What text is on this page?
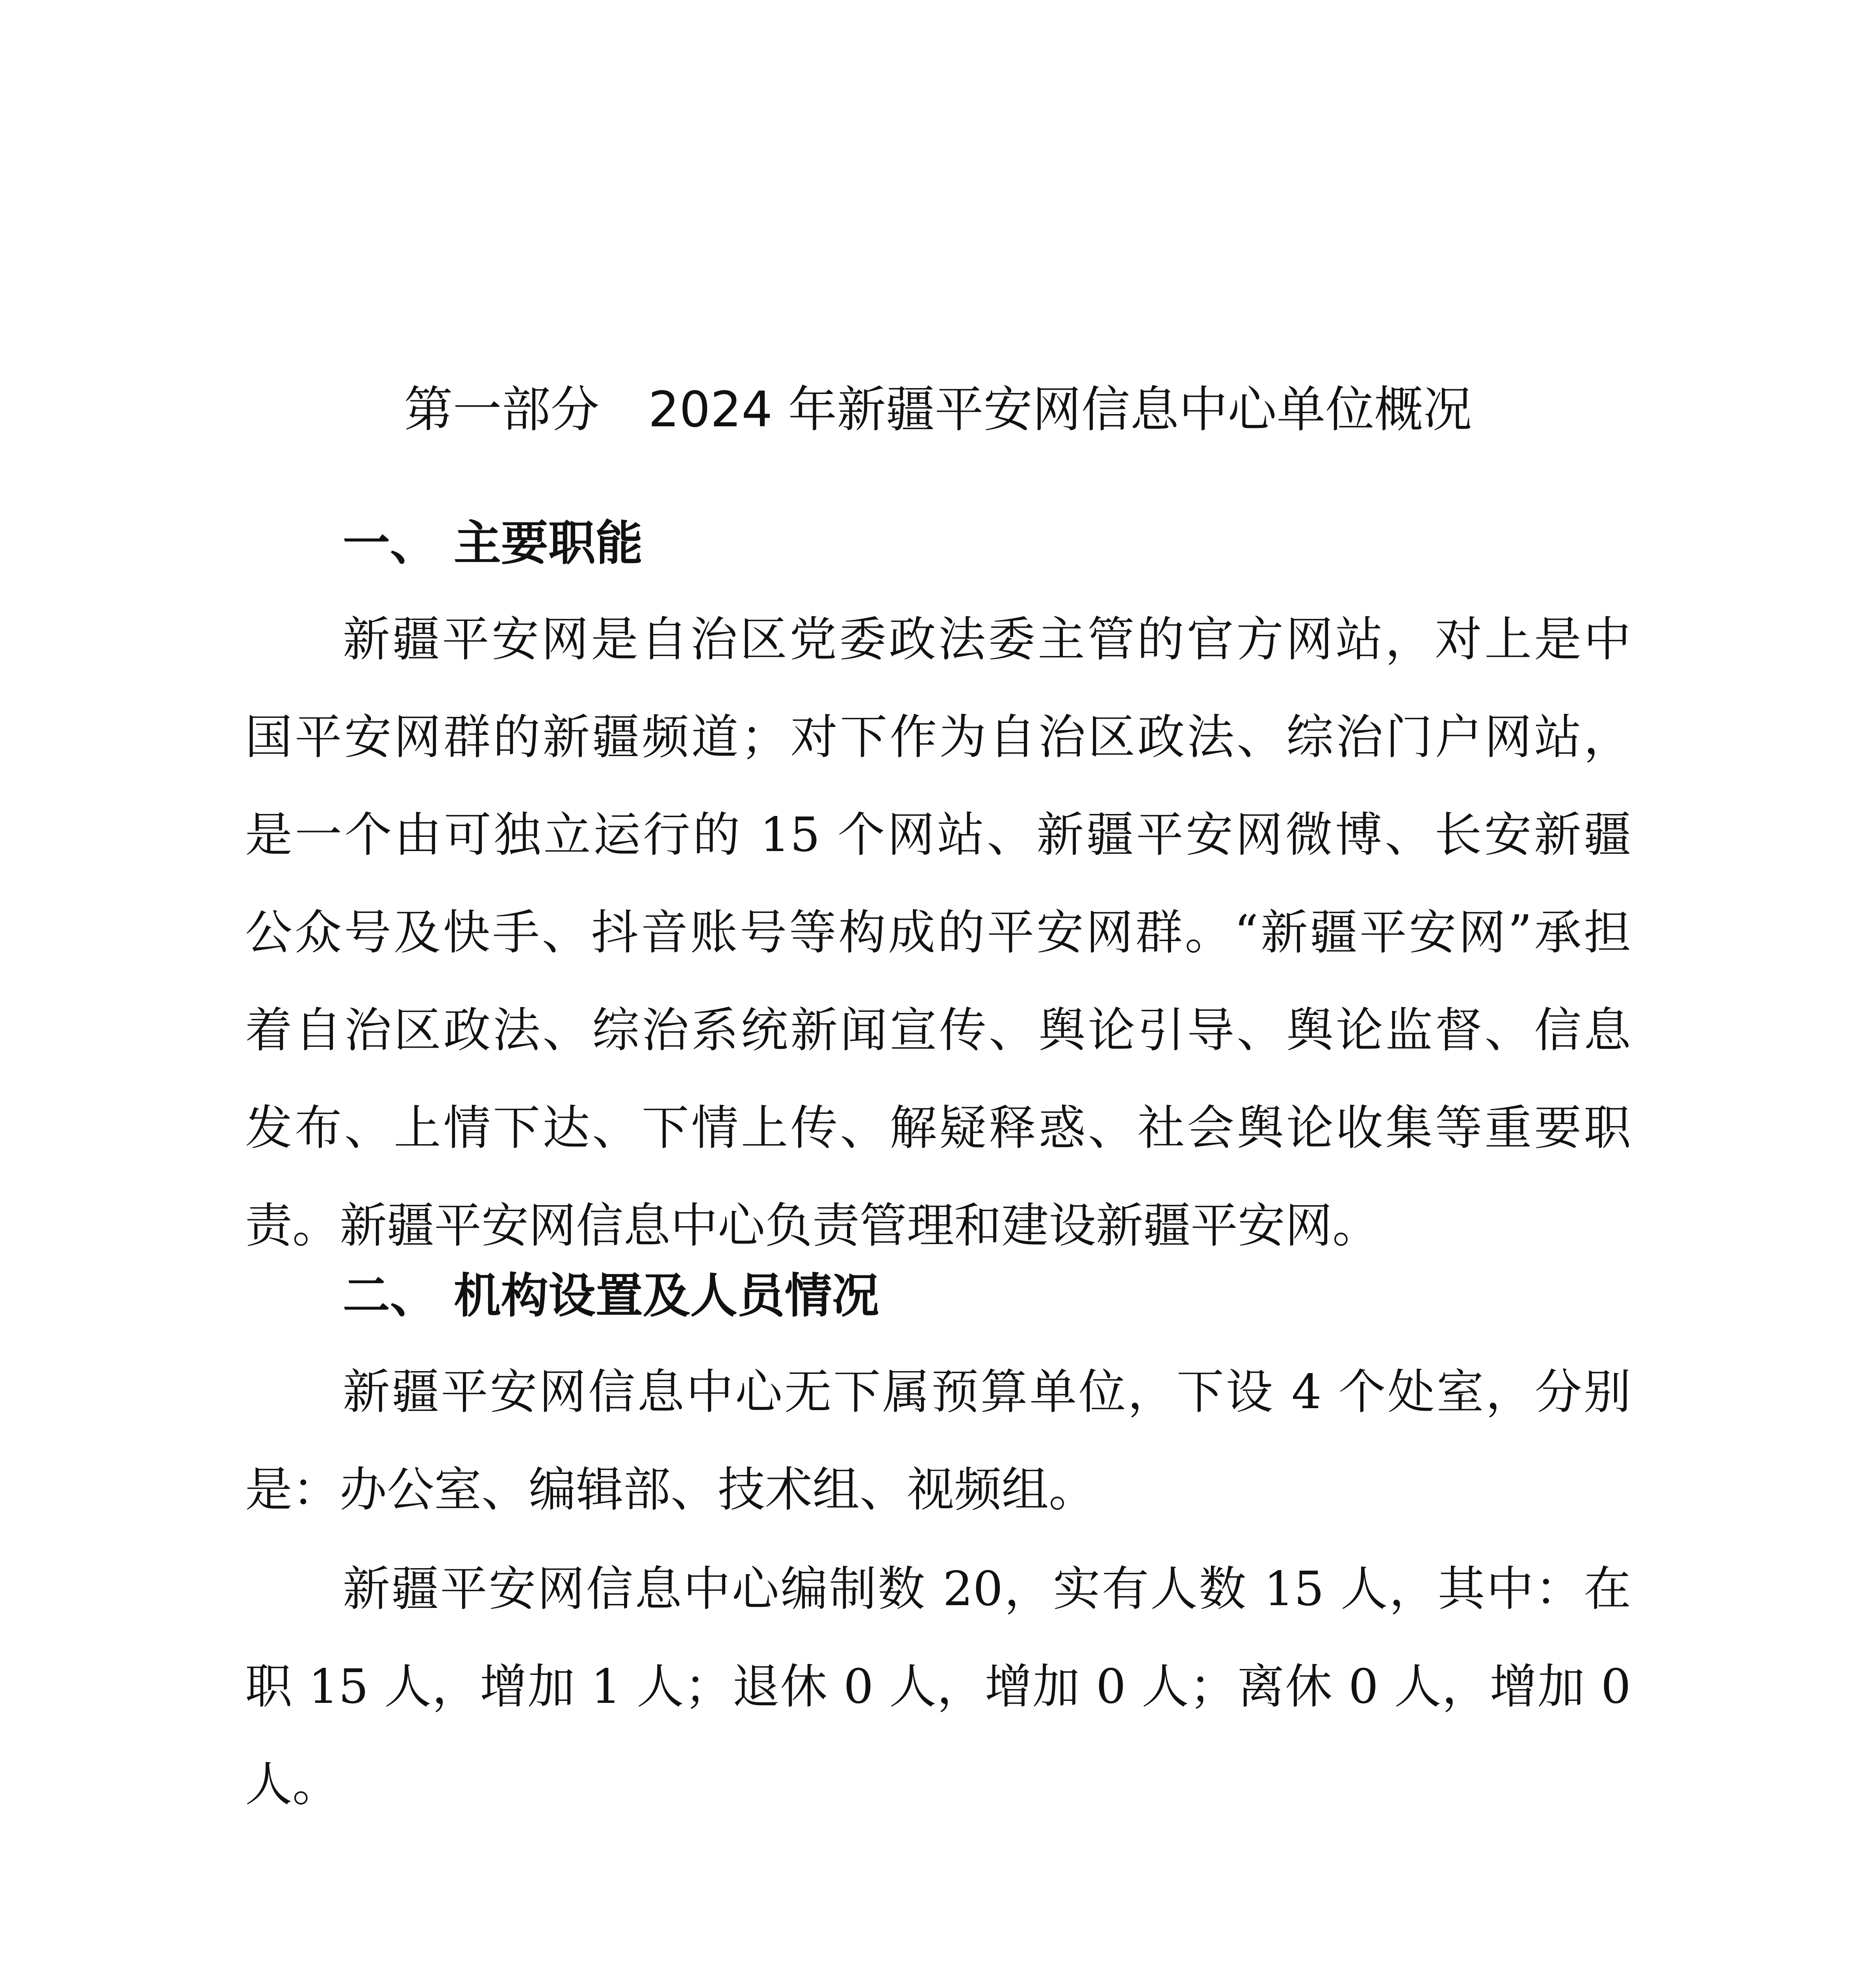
第一部分　2024 年新疆平安网信息中心单位概况
一、 主要职能

新疆平安网是自治区党委政法委主管的官方网站，对上是中
国平安网群的新疆频道；对下作为自治区政法、综治门户网站，
是一个由可独立运行的 15 个网站、新疆平安网微博、长安新疆
公众号及快手、抖音账号等构成的平安网群。“新疆平安网”承担
着自治区政法、综治系统新闻宣传、舆论引导、舆论监督、信息
发布、上情下达、下情上传、解疑释惑、社会舆论收集等重要职
责。新疆平安网信息中心负责管理和建设新疆平安网。

二、 机构设置及人员情况

新疆平安网信息中心无下属预算单位，下设 4 个处室，分别
是：办公室、编辑部、技术组、视频组。

新疆平安网信息中心编制数 20，实有人数 15 人，其中：在
职 15 人，增加 1 人；退休 0 人，增加 0 人；离休 0 人，增加 0
人。
